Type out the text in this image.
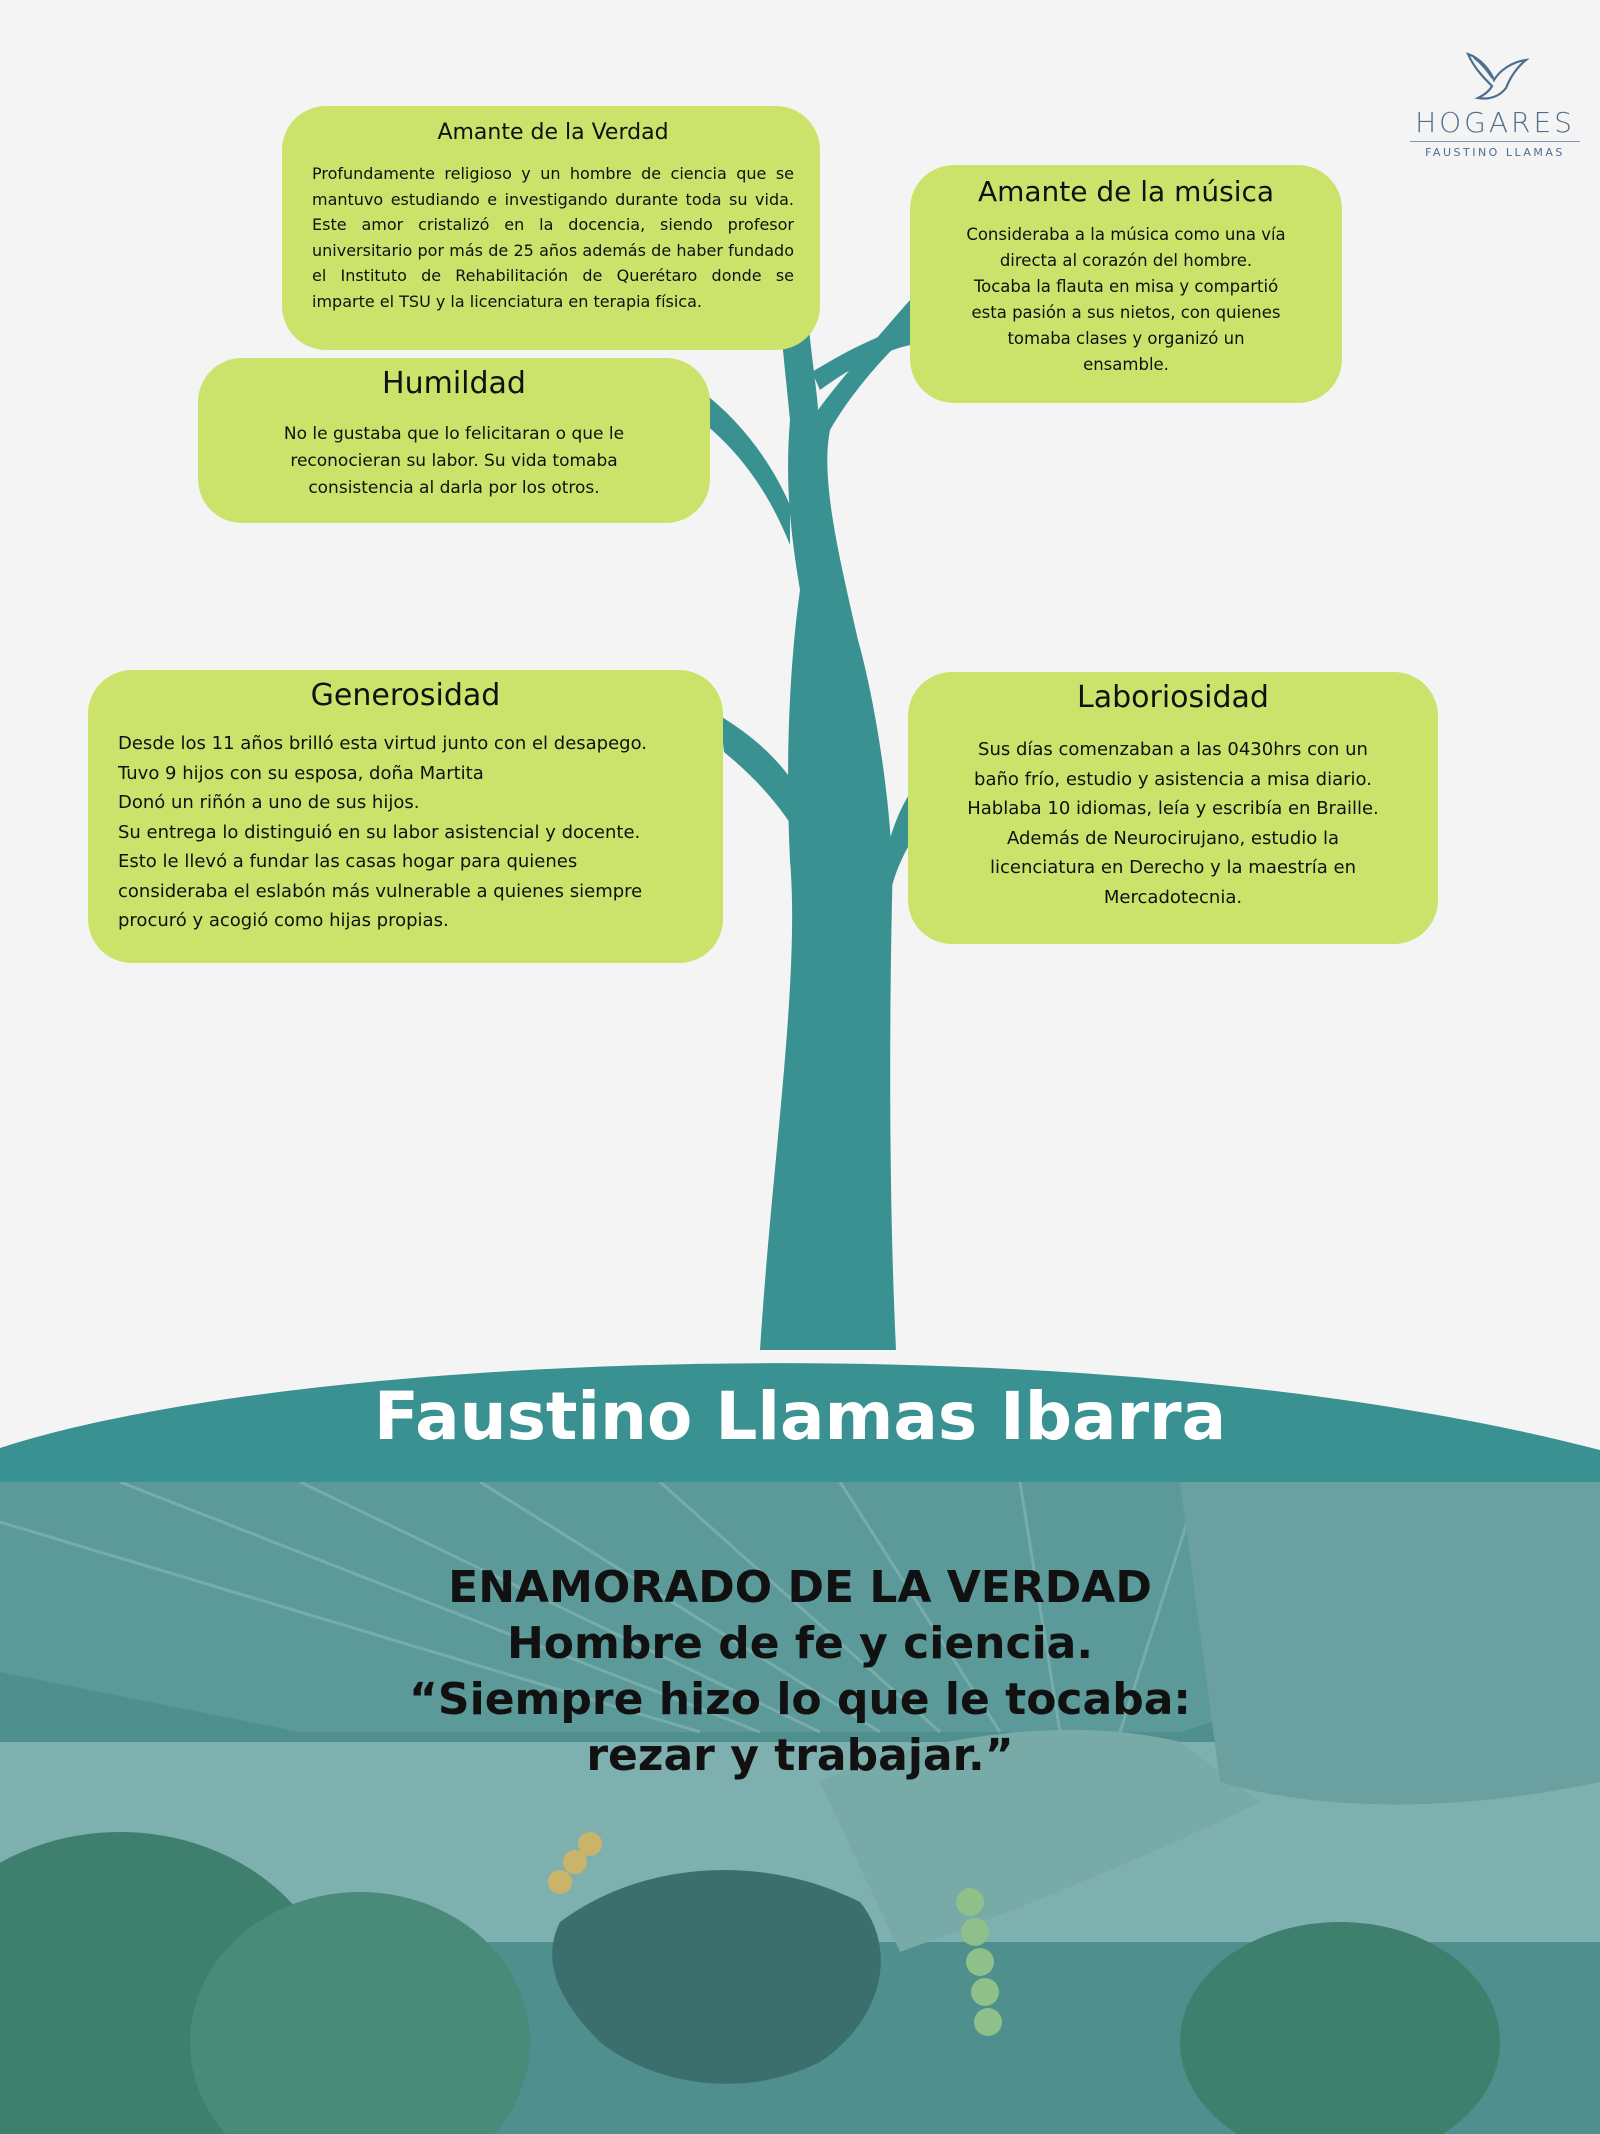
HOGARES
FAUSTINO LLAMAS
Amante de la Verdad

Profundamente religioso y un hombre de ciencia que se mantuvo estudiando e investigando durante toda su vida. Este amor cristalizó en la docencia, siendo profesor universitario por más de 25 años además de haber fundado el Instituto de Rehabilitación de Querétaro donde se imparte el TSU y la licenciatura en terapia física.

Amante de la música

Consideraba a la música como una vía
directa al corazón del hombre.
Tocaba la flauta en misa y compartió
esta pasión a sus nietos, con quienes
tomaba clases y organizó un
ensamble.

Humildad

No le gustaba que lo felicitaran o que le
reconocieran su labor. Su vida tomaba
consistencia al darla por los otros.

Generosidad

Desde los 11 años brilló esta virtud junto con el desapego.
Tuvo 9 hijos con su esposa, doña Martita
Donó un riñón a uno de sus hijos.
Su entrega lo distinguió en su labor asistencial y docente.
Esto le llevó a fundar las casas hogar para quienes
consideraba el eslabón más vulnerable a quienes siempre
procuró y acogió como hijas propias.

Laboriosidad

Sus días comenzaban a las 0430hrs con un
baño frío, estudio y asistencia a misa diario.
Hablaba 10 idiomas, leía y escribía en Braille.
Además de Neurocirujano, estudio la
licenciatura en Derecho y la maestría en
Mercadotecnia.

Faustino Llamas Ibarra
ENAMORADO DE LA VERDAD
Hombre de fe y ciencia.
“Siempre hizo lo que le tocaba:
rezar y trabajar.”
